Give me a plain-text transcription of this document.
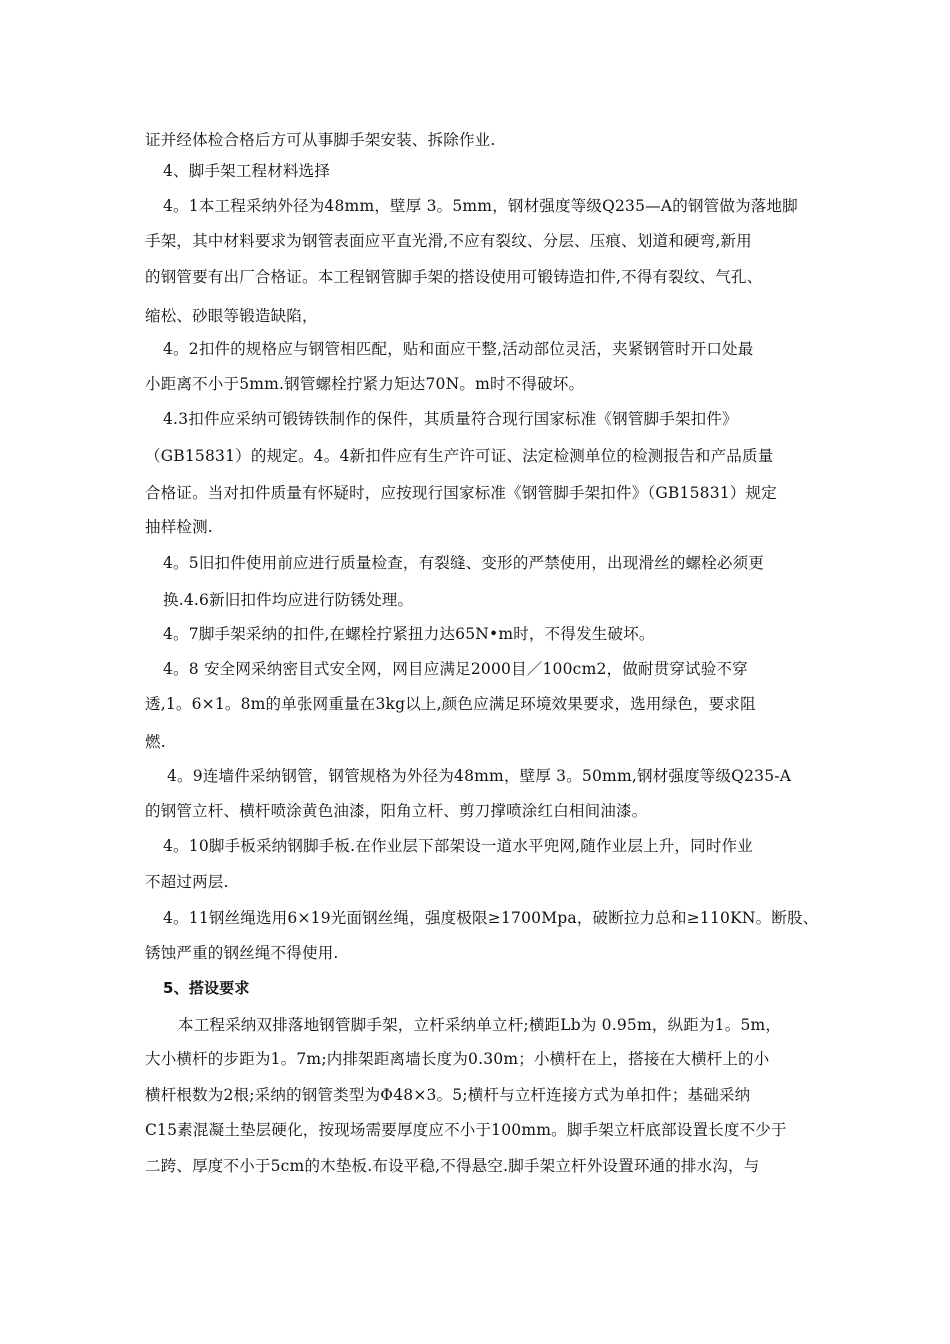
证并经体检合格后方可从事脚手架安装、拆除作业.
4、脚手架工程材料选择
4。1本工程采纳外径为48mm，壁厚 3。5mm，钢材强度等级Q235—A的钢管做为落地脚
手架，其中材料要求为钢管表面应平直光滑,不应有裂纹、分层、压痕、划道和硬弯,新用
的钢管要有出厂合格证。本工程钢管脚手架的搭设使用可锻铸造扣件,不得有裂纹、气孔、
缩松、砂眼等锻造缺陷，
4。2扣件的规格应与钢管相匹配，贴和面应干整,活动部位灵活，夹紧钢管时开口处最
小距离不小于5mm.钢管螺栓拧紧力矩达70N。m时不得破坏。
4.3扣件应采纳可锻铸铁制作的保件，其质量符合现行国家标准《钢管脚手架扣件》
（GB15831）的规定。4。4新扣件应有生产许可证、法定检测单位的检测报告和产品质量
合格证。当对扣件质量有怀疑时，应按现行国家标准《钢管脚手架扣件》（GB15831）规定
抽样检测.
4。5旧扣件使用前应进行质量检查，有裂缝、变形的严禁使用，出现滑丝的螺栓必须更
换.4.6新旧扣件均应进行防锈处理。
4。7脚手架采纳的扣件,在螺栓拧紧扭力达65N•m时，不得发生破坏。
4。8 安全网采纳密目式安全网，网目应满足2000目／100cm2，做耐贯穿试验不穿
透,1。6×1。8m的单张网重量在3kg以上,颜色应满足环境效果要求，选用绿色，要求阻
燃.
4。9连墙件采纳钢管，钢管规格为外径为48mm，壁厚 3。50mm,钢材强度等级Q235-A
的钢管立杆、横杆喷涂黄色油漆，阳角立杆、剪刀撑喷涂红白相间油漆。
4。10脚手板采纳钢脚手板.在作业层下部架设一道水平兜网,随作业层上升，同时作业
不超过两层.
4。11钢丝绳选用6×19光面钢丝绳，强度极限≥1700Mpa，破断拉力总和≥110KN。断股、
锈蚀严重的钢丝绳不得使用.
5、搭设要求
本工程采纳双排落地钢管脚手架，立杆采纳单立杆;横距Lb为 0.95m，纵距为1。5m，
大小横杆的步距为1。7m;内排架距离墙长度为0.30m；小横杆在上，搭接在大横杆上的小
横杆根数为2根;采纳的钢管类型为Φ48×3。5;横杆与立杆连接方式为单扣件；基础采纳
C15素混凝土垫层硬化，按现场需要厚度应不小于100mm。脚手架立杆底部设置长度不少于
二跨、厚度不小于5cm的木垫板.布设平稳,不得悬空.脚手架立杆外设置环通的排水沟，与
